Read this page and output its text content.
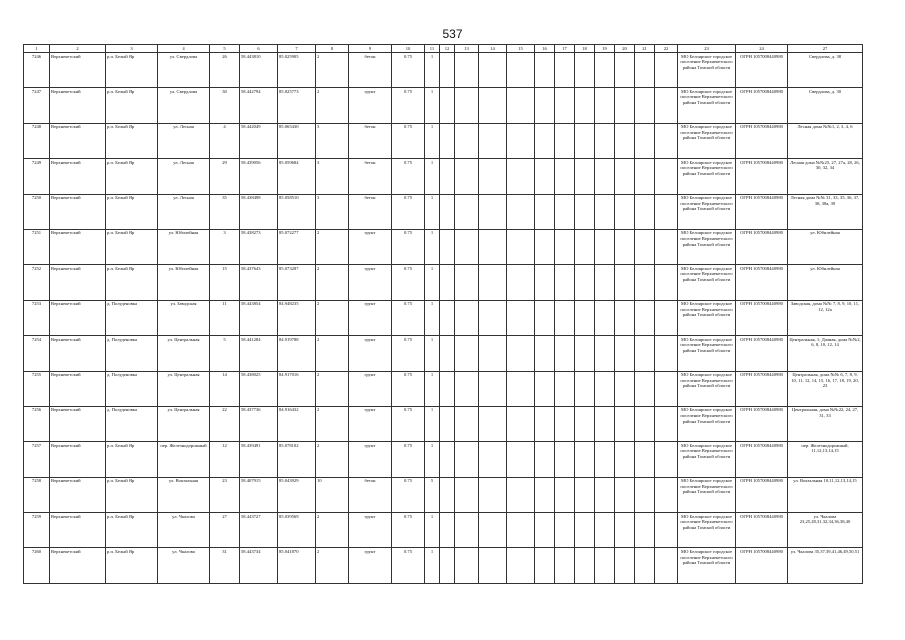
537
1	2	3	4	5	6	7	8	9	10	11	12	13	14	15	16	17	18	19	20	21	22	23	24	27
7246	Верхнекетский	р.п. Белый Яр	ул. Свердлова	26	58.443810	85.025905	2	бетон	0.75	1												МО Белоярское городское поселение Верхнекетского района Томской области	ОГРН 1057008440980	Свердлова, д. 38
7247	Верхнекетский	р.п. Белый Яр	ул. Свердлова	30	58.442794	85.025773	2	грунт	0.75	1												МО Белоярское городское поселение Верхнекетского района Томской области	ОГРН 1057008440980	Свердлова, д. 30
7248	Верхнекетский	р.п. Белый Яр	ул. Лесная	4	58.442049	85.065430	3	бетон	0.75	1												МО Белоярское городское поселение Верхнекетского района Томской области	ОГРН 1057008440980	Лесная дома №№1, 2, 3, 4, 6
7249	Верхнекетский	р.п. Белый Яр	ул. Лесная	29	58.439056	85.059684	3	бетон	0.75	1												МО Белоярское городское поселение Верхнекетского района Томской области	ОГРН 1057008440980	Лесная дома №№25, 27, 27а, 28, 26, 30, 32, 34
7250	Верхнекетский	р.п. Белый Яр	ул. Лесная	35	58.438498	85.058510	3	бетон	0.75	1												МО Белоярское городское поселение Верхнекетского района Томской области	ОГРН 1057008440980	Лесная дома №№ 31, 33, 35, 36, 37, 38, 38а, 39
7251	Верхнекетский	р.п. Белый Яр	ул. Юбилейная	3	58.438273	85.072277	2	грунт	0.75	1												МО Белоярское городское поселение Верхнекетского района Томской области	ОГРН 1057008440980	ул. Юбилейная
7252	Верхнекетский	р.п. Белый Яр	ул. Юбилейная	15	58.437643	85.073287	2	грунт	0.75	1												МО Белоярское городское поселение Верхнекетского района Томской области	ОГРН 1057008440980	ул. Юбилейная
7253	Верхнекетский	д. Полуденовка	ул. Заводская	11	58.443854	84.948235	2	грунт	0.75	1												МО Белоярское городское поселение Верхнекетского района Томской области	ОГРН 1057008440980	Заводская, дома №№ 7, 8, 9, 10, 11, 12, 12а
7254	Верхнекетский	д. Полуденовка	ул. Центральная	5	58.441284	84.919788	2	грунт	0.75	1												МО Белоярское городское поселение Верхнекетского района Томской области	ОГРН 1057008440980	Центральная, 1; Дачная, дома №№2, 6, 8, 10, 12, 14
7255	Верхнекетский	д. Полуденовка	ул. Центральная	14	58.438025	84.917016	2	грунт	0.75	1												МО Белоярское городское поселение Верхнекетского района Томской области	ОГРН 1057008440980	Центральная, дома №№ 6, 7, 8, 9, 10, 11, 12, 14, 15, 16, 17, 18, 19, 20, 23
7256	Верхнекетский	д. Полуденовка	ул. Центральная	22	58.437736	84.916432	2	грунт	0.75	1												МО Белоярское городское поселение Верхнекетского района Томской области	ОГРН 1057008440980	Центральная, дома №№22, 24, 27, 31, 33
7257	Верхнекетский	р.п. Белый Яр	пер. Железнодорожный	12	58.439491	85.078102	2	грунт	0.75	1												МО Белоярское городское поселение Верхнекетского района Томской области	ОГРН 1057008440980	пер. Железнодорожный, 11,12,13,14,15
7258	Верхнекетский	р.п. Белый Яр	ул. Вокзальная	23	58.407915	85.043929	10	бетон	0.75	5												МО Белоярское городское поселение Верхнекетского района Томской области	ОГРН 1057008440980	ул. Вокзальная 10,11,12,13,14,15
7259	Верхнекетский	р.п. Белый Яр	ул. Чкалова	27	58.443727	85.039569	2	грунт	0.75	1												МО Белоярское городское поселение Верхнекетского района Томской области	ОГРН 1057008440980	ул. Чкалова 23,25,28,31,32,34,36,38,40
7260	Верхнекетский	р.п. Белый Яр	ул. Чкалова	31	58.443734	85.041870	2	грунт	0.75	1												МО Белоярское городское поселение Верхнекетского района Томской области	ОГРН 1057008440980	ул. Чкалова 35,37,39,41,46,49,50,51
